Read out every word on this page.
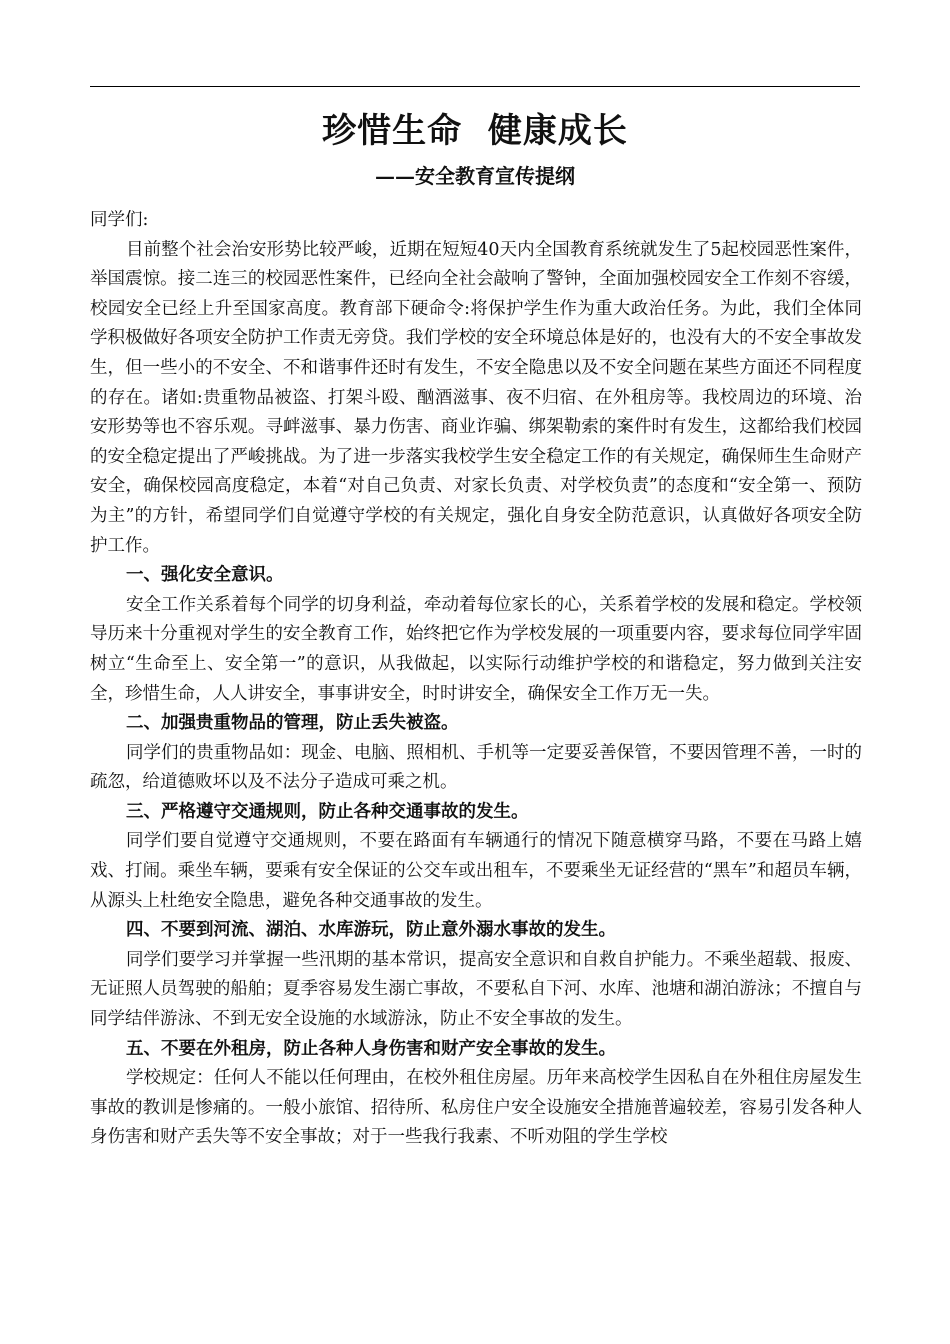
珍惜生命  健康成长
——安全教育宣传提纲

同学们:

目前整个社会治安形势比较严峻，近期在短短40天内全国教育系统就发生了5起校园恶性案件，举国震惊。接二连三的校园恶性案件，已经向全社会敲响了警钟，全面加强校园安全工作刻不容缓，校园安全已经上升至国家高度。教育部下硬命令:将保护学生作为重大政治任务。为此，我们全体同学积极做好各项安全防护工作责无旁贷。我们学校的安全环境总体是好的，也没有大的不安全事故发生，但一些小的不安全、不和谐事件还时有发生，不安全隐患以及不安全问题在某些方面还不同程度的存在。诸如:贵重物品被盗、打架斗殴、酗酒滋事、夜不归宿、在外租房等。我校周边的环境、治安形势等也不容乐观。寻衅滋事、暴力伤害、商业诈骗、绑架勒索的案件时有发生，这都给我们校园的安全稳定提出了严峻挑战。为了进一步落实我校学生安全稳定工作的有关规定，确保师生生命财产安全，确保校园高度稳定，本着“对自己负责、对家长负责、对学校负责”的态度和“安全第一、预防为主”的方针，希望同学们自觉遵守学校的有关规定，强化自身安全防范意识，认真做好各项安全防护工作。

一、强化安全意识。

安全工作关系着每个同学的切身利益，牵动着每位家长的心，关系着学校的发展和稳定。学校领导历来十分重视对学生的安全教育工作，始终把它作为学校发展的一项重要内容，要求每位同学牢固树立“生命至上、安全第一”的意识，从我做起，以实际行动维护学校的和谐稳定，努力做到关注安全，珍惜生命，人人讲安全，事事讲安全，时时讲安全，确保安全工作万无一失。

二、加强贵重物品的管理，防止丢失被盗。

同学们的贵重物品如：现金、电脑、照相机、手机等一定要妥善保管，不要因管理不善，一时的疏忽，给道德败坏以及不法分子造成可乘之机。

三、严格遵守交通规则，防止各种交通事故的发生。

同学们要自觉遵守交通规则，不要在路面有车辆通行的情况下随意横穿马路，不要在马路上嬉戏、打闹。乘坐车辆，要乘有安全保证的公交车或出租车，不要乘坐无证经营的“黑车”和超员车辆，从源头上杜绝安全隐患，避免各种交通事故的发生。

四、不要到河流、湖泊、水库游玩，防止意外溺水事故的发生。

同学们要学习并掌握一些汛期的基本常识，提高安全意识和自救自护能力。不乘坐超载、报废、无证照人员驾驶的船舶；夏季容易发生溺亡事故，不要私自下河、水库、池塘和湖泊游泳；不擅自与同学结伴游泳、不到无安全设施的水域游泳，防止不安全事故的发生。

五、不要在外租房，防止各种人身伤害和财产安全事故的发生。

学校规定：任何人不能以任何理由，在校外租住房屋。历年来高校学生因私自在外租住房屋发生事故的教训是惨痛的。一般小旅馆、招待所、私房住户安全设施安全措施普遍较差，容易引发各种人身伤害和财产丢失等不安全事故；对于一些我行我素、不听劝阻的学生学校
